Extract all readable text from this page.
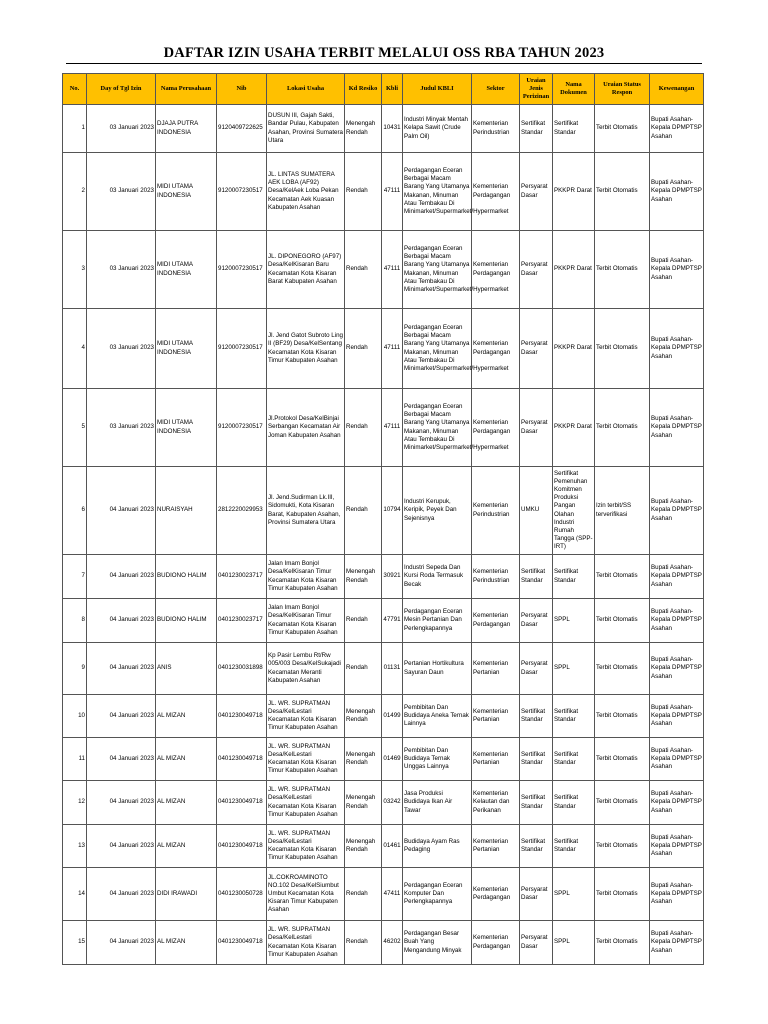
DAFTAR IZIN USAHA TERBIT MELALUI OSS RBA TAHUN 2023
No.	Day of Tgl Izin	Nama Perusahaan	Nib	Lokasi Usaha	Kd Resiko	Kbli	Judul KBLI	Sektor	Uraian Jenis Perizinan	Nama Dokumen	Uraian Status Respon	Kewenangan
1	03 Januari 2023	DJAJA PUTRA INDONESIA	9120409722625	DUSUN III, Gajah Sakti, Bandar Pulau, Kabupaten Asahan, Provinsi Sumatera Utara	Menengah Rendah	10431	Industri Minyak Mentah Kelapa Sawit (Crude Palm Oil)	Kementerian Perindustrian	Sertifikat Standar	Sertifikat Standar	Terbit Otomatis	Bupati Asahan-Kepala DPMPTSP Asahan
2	03 Januari 2023	MIDI UTAMA INDONESIA	9120007230517	JL. LINTAS SUMATERA AEK LOBA (AF92) Desa/KelAek Loba Pekan Kecamatan Aek Kuasan Kabupaten Asahan	Rendah	47111	Perdagangan Eceran Berbagai Macam Barang Yang Utamanya Makanan, Minuman Atau Tembakau Di Minimarket/Supermarket/Hypermarket	Kementerian Perdagangan	Persyarat Dasar	PKKPR Darat	Terbit Otomatis	Bupati Asahan-Kepala DPMPTSP Asahan
3	03 Januari 2023	MIDI UTAMA INDONESIA	9120007230517	JL. DIPONEGORO (AF97) Desa/KelKisaran Baru Kecamatan Kota Kisaran Barat Kabupaten Asahan	Rendah	47111	Perdagangan Eceran Berbagai Macam Barang Yang Utamanya Makanan, Minuman Atau Tembakau Di Minimarket/Supermarket/Hypermarket	Kementerian Perdagangan	Persyarat Dasar	PKKPR Darat	Terbit Otomatis	Bupati Asahan-Kepala DPMPTSP Asahan
4	03 Januari 2023	MIDI UTAMA INDONESIA	9120007230517	Jl. Jend Gatot Subroto Ling II (BF29) Desa/KelSentang Kecamatan Kota Kisaran Timur Kabupaten Asahan	Rendah	47111	Perdagangan Eceran Berbagai Macam Barang Yang Utamanya Makanan, Minuman Atau Tembakau Di Minimarket/Supermarket/Hypermarket	Kementerian Perdagangan	Persyarat Dasar	PKKPR Darat	Terbit Otomatis	Bupati Asahan-Kepala DPMPTSP Asahan
5	03 Januari 2023	MIDI UTAMA INDONESIA	9120007230517	Jl.Protokol Desa/KelBinjai Serbangan Kecamatan Air Joman Kabupaten Asahan	Rendah	47111	Perdagangan Eceran Berbagai Macam Barang Yang Utamanya Makanan, Minuman Atau Tembakau Di Minimarket/Supermarket/Hypermarket	Kementerian Perdagangan	Persyarat Dasar	PKKPR Darat	Terbit Otomatis	Bupati Asahan-Kepala DPMPTSP Asahan
6	04 Januari 2023	NURAISYAH	2812220029953	Jl. Jend.Sudirman Lk.III, Sidomukti, Kota Kisaran Barat, Kabupaten Asahan, Provinsi Sumatera Utara	Rendah	10794	Industri Kerupuk, Keripik, Peyek Dan Sejenisnya	Kementerian Perindustrian	UMKU	Sertifikat Pemenuhan Komitmen Produksi Pangan Olahan Industri Rumah Tangga (SPP-IRT)	Izin terbit/SS terverifikasi	Bupati Asahan-Kepala DPMPTSP Asahan
7	04 Januari 2023	BUDIONO HALIM	0401230023717	Jalan Imam Bonjol Desa/KelKisaran Timur Kecamatan Kota Kisaran Timur Kabupaten Asahan	Menengah Rendah	30921	Industri Sepeda Dan Kursi Roda Termasuk Becak	Kementerian Perindustrian	Sertifikat Standar	Sertifikat Standar	Terbit Otomatis	Bupati Asahan-Kepala DPMPTSP Asahan
8	04 Januari 2023	BUDIONO HALIM	0401230023717	Jalan Imam Bonjol Desa/KelKisaran Timur Kecamatan Kota Kisaran Timur Kabupaten Asahan	Rendah	47791	Perdagangan Eceran Mesin Pertanian Dan Perlengkapannya	Kementerian Perdagangan	Persyarat Dasar	SPPL	Terbit Otomatis	Bupati Asahan-Kepala DPMPTSP Asahan
9	04 Januari 2023	ANIS	0401230031898	Kp Pasir Lembu Rt/Rw 005/003 Desa/KelSukajadi Kecamatan Meranti Kabupaten Asahan	Rendah	01131	Pertanian Hortikultura Sayuran Daun	Kementerian Pertanian	Persyarat Dasar	SPPL	Terbit Otomatis	Bupati Asahan-Kepala DPMPTSP Asahan
10	04 Januari 2023	AL MIZAN	0401230049718	JL. WR. SUPRATMAN Desa/KelLestari Kecamatan Kota Kisaran Timur Kabupaten Asahan	Menengah Rendah	01499	Pembibitan Dan Budidaya Aneka Ternak Lainnya	Kementerian Pertanian	Sertifikat Standar	Sertifikat Standar	Terbit Otomatis	Bupati Asahan-Kepala DPMPTSP Asahan
11	04 Januari 2023	AL MIZAN	0401230049718	JL. WR. SUPRATMAN Desa/KelLestari Kecamatan Kota Kisaran Timur Kabupaten Asahan	Menengah Rendah	01469	Pembibitan Dan Budidaya Ternak Unggas Lainnya	Kementerian Pertanian	Sertifikat Standar	Sertifikat Standar	Terbit Otomatis	Bupati Asahan-Kepala DPMPTSP Asahan
12	04 Januari 2023	AL MIZAN	0401230049718	JL. WR. SUPRATMAN Desa/KelLestari Kecamatan Kota Kisaran Timur Kabupaten Asahan	Menengah Rendah	03242	Jasa Produksi Budidaya Ikan Air Tawar	Kementerian Kelautan dan Perikanan	Sertifikat Standar	Sertifikat Standar	Terbit Otomatis	Bupati Asahan-Kepala DPMPTSP Asahan
13	04 Januari 2023	AL MIZAN	0401230049718	JL. WR. SUPRATMAN Desa/KelLestari Kecamatan Kota Kisaran Timur Kabupaten Asahan	Menengah Rendah	01461	Budidaya Ayam Ras Pedaging	Kementerian Pertanian	Sertifikat Standar	Sertifikat Standar	Terbit Otomatis	Bupati Asahan-Kepala DPMPTSP Asahan
14	04 Januari 2023	DIDI IRAWADI	0401230050728	JL.COKROAMINOTO NO.102 Desa/KelSiumbut Umbut Kecamatan Kota Kisaran Timur Kabupaten Asahan	Rendah	47411	Perdagangan Eceran Komputer Dan Perlengkapannya	Kementerian Perdagangan	Persyarat Dasar	SPPL	Terbit Otomatis	Bupati Asahan-Kepala DPMPTSP Asahan
15	04 Januari 2023	AL MIZAN	0401230049718	JL. WR. SUPRATMAN Desa/KelLestari Kecamatan Kota Kisaran Timur Kabupaten Asahan	Rendah	46202	Perdagangan Besar Buah Yang Mengandung Minyak	Kementerian Perdagangan	Persyarat Dasar	SPPL	Terbit Otomatis	Bupati Asahan-Kepala DPMPTSP Asahan
